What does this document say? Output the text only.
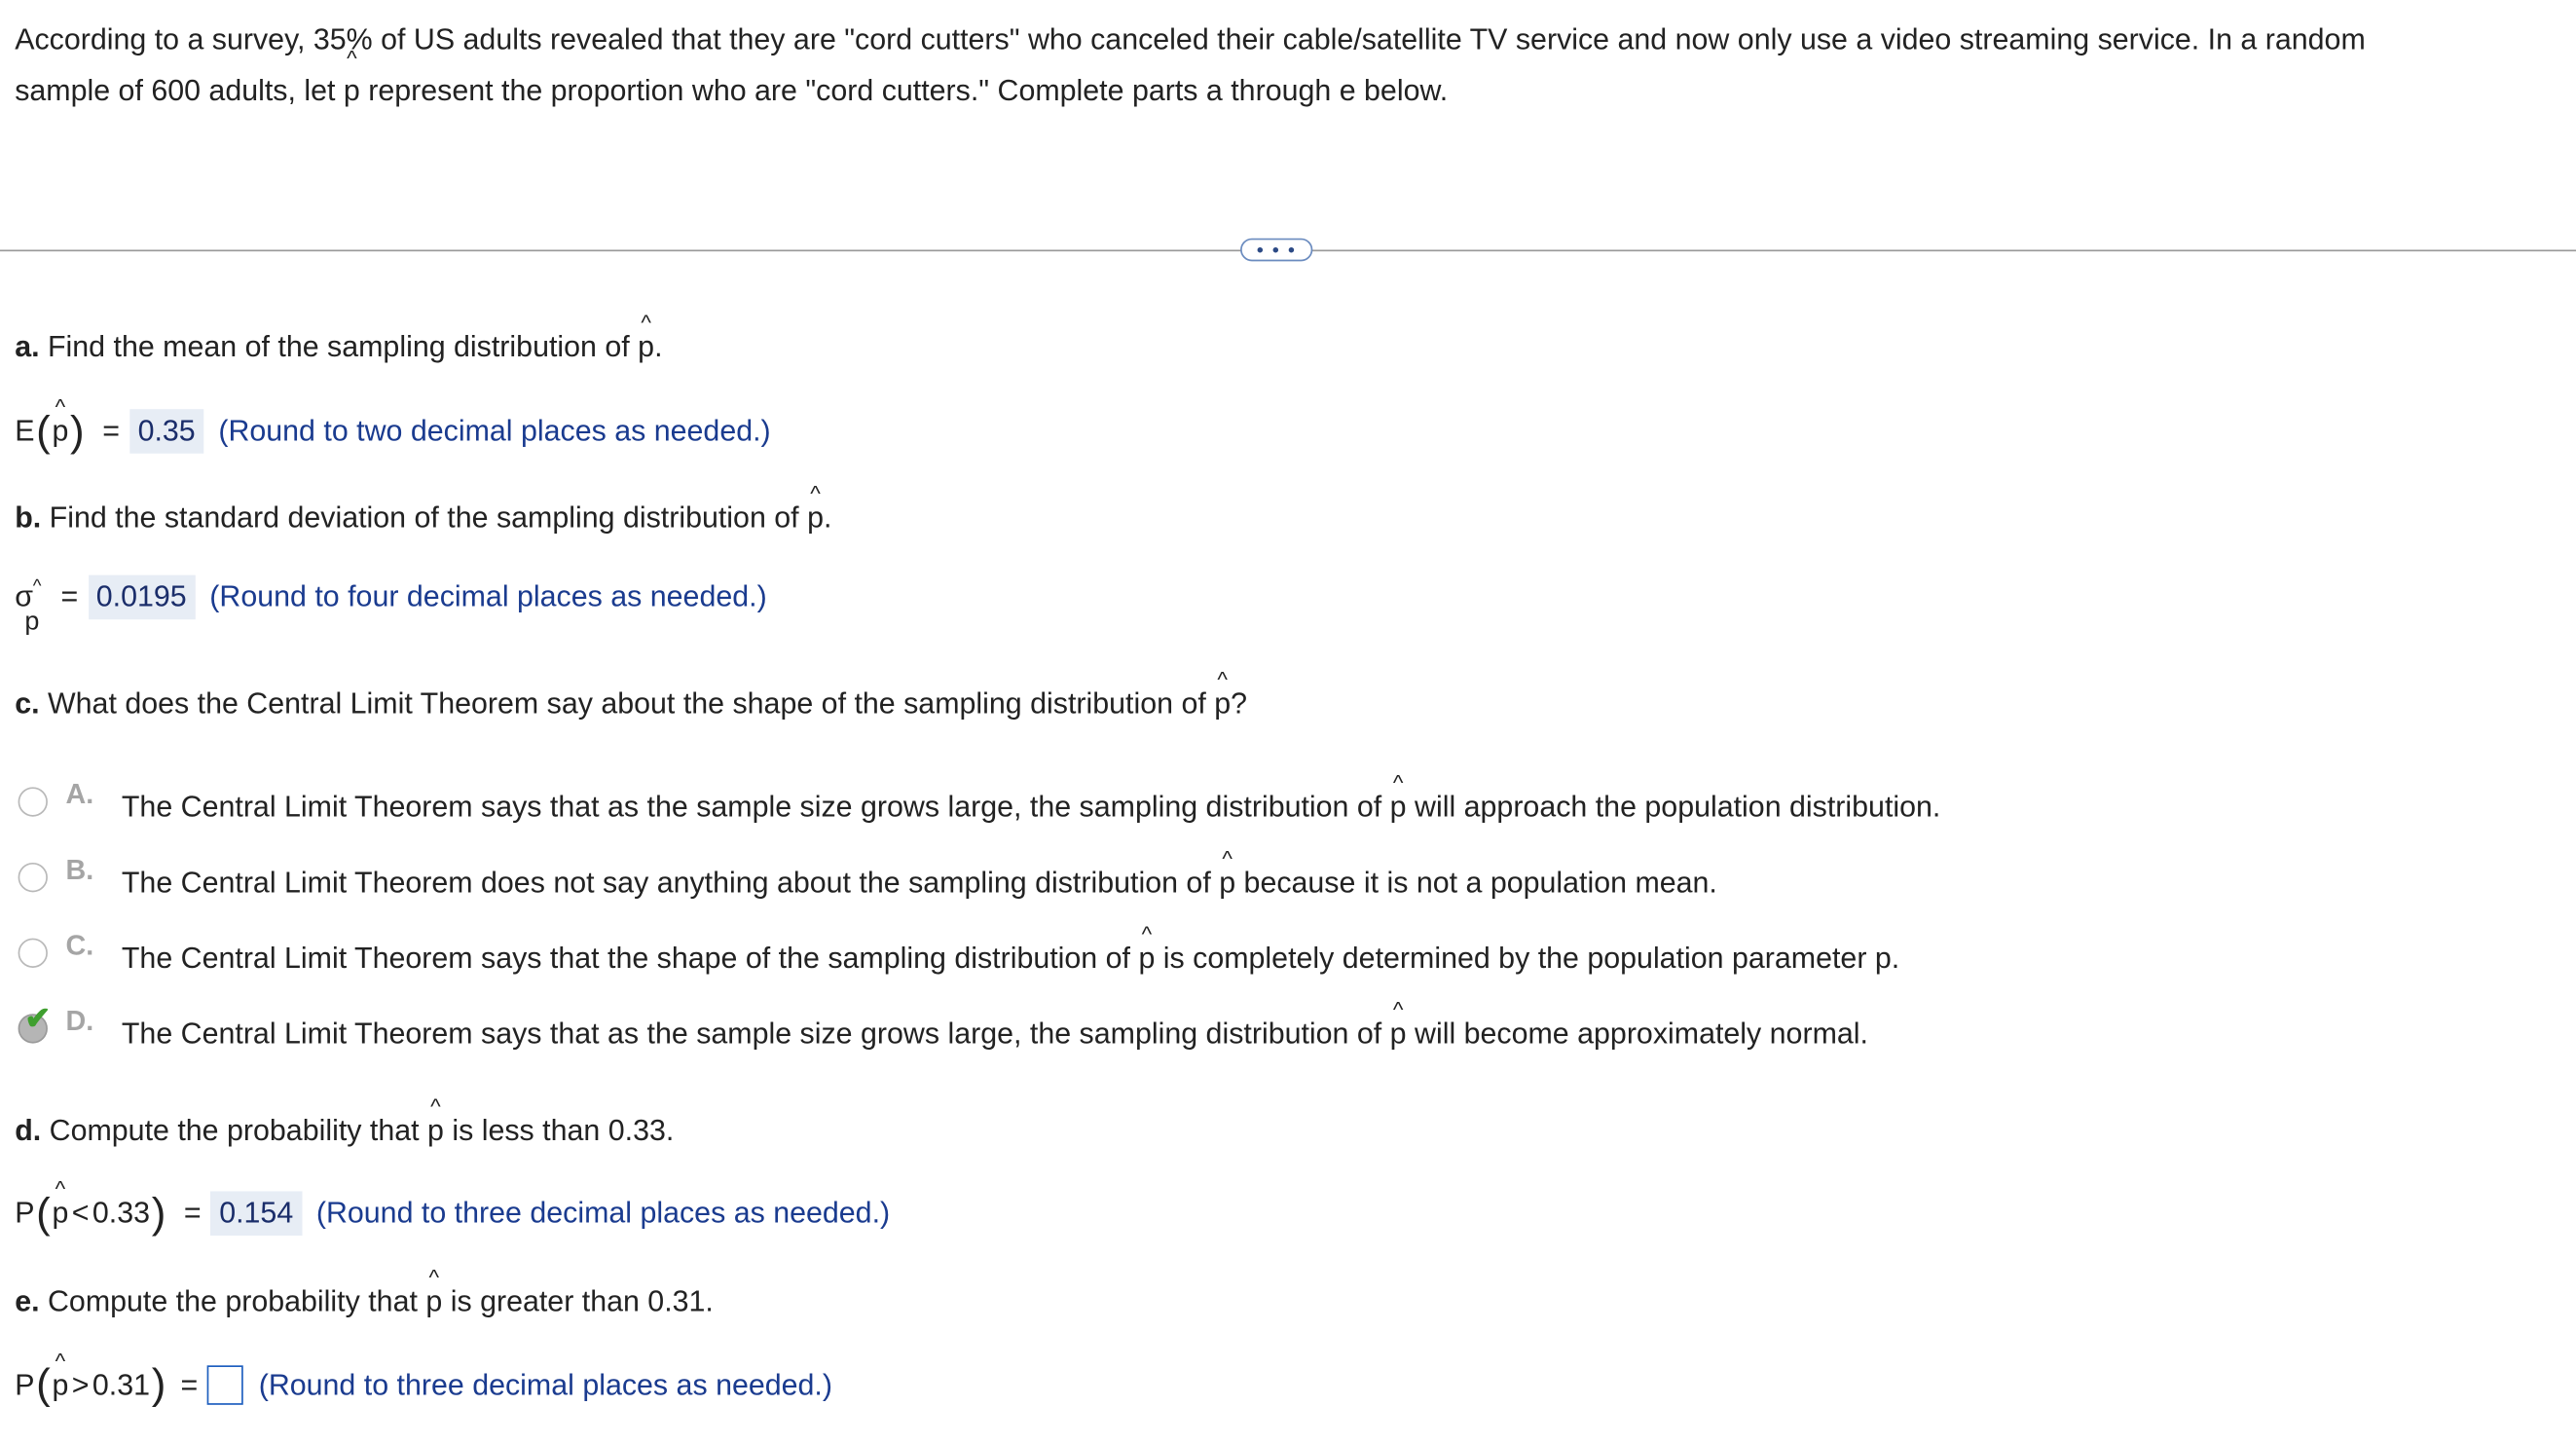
According to a survey, 35% of US adults revealed that they are "cord cutters" who canceled their cable/satellite TV service and now only use a video streaming service. In a random
sample of 600 adults, let ^ p represent the proportion who are "cord cutters." Complete parts a through e below.

• • •

a. Find the mean of the sampling distribution of ^ p.

E ( ^ p ) =	0.35	(Round to two decimal places as needed.)

b. Find the standard deviation of the sampling distribution of ^ p.

σ ^
p
=	0.0195	(Round to four decimal places as needed.)

c. What does the Central Limit Theorem say about the shape of the sampling distribution of ^ p?

A. The Central Limit Theorem says that as the sample size grows large, the sampling distribution of ^ p will approach the population distribution.
B. The Central Limit Theorem does not say anything about the sampling distribution of ^ p because it is not a population mean.
C. The Central Limit Theorem says that the shape of the sampling distribution of ^ p is completely determined by the population parameter p.
✔ D. The Central Limit Theorem says that as the sample size grows large, the sampling distribution of ^ p will become approximately normal.

d. Compute the probability that ^ p is less than 0.33.

P ( ^ p < 0.33 ) =	0.154	(Round to three decimal places as needed.)

e. Compute the probability that ^ p is greater than 0.31.

P ( ^ p > 0.31 ) =	(Round to three decimal places as needed.)
